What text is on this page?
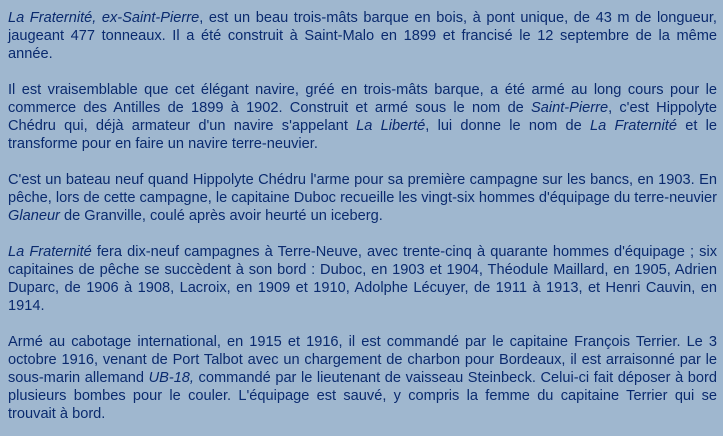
La Fraternité, ex-Saint-Pierre, est un beau trois-mâts barque en bois, à pont unique, de 43 m de longueur, jaugeant 477 tonneaux. Il a été construit à Saint-Malo en 1899 et francisé le 12 septembre de la même année.

Il est vraisemblable que cet élégant navire, gréé en trois-mâts barque, a été armé au long cours pour le commerce des Antilles de 1899 à 1902. Construit et armé sous le nom de Saint-Pierre, c'est Hippolyte Chédru qui, déjà armateur d'un navire s'appelant La Liberté, lui donne le nom de La Fraternité et le transforme pour en faire un navire terre-neuvier.

C'est un bateau neuf quand Hippolyte Chédru l'arme pour sa première campagne sur les bancs, en 1903. En pêche, lors de cette campagne, le capitaine Duboc recueille les vingt-six hommes d'équipage du terre-neuvier Glaneur de Granville, coulé après avoir heurté un iceberg.

La Fraternité fera dix-neuf campagnes à Terre-Neuve, avec trente-cinq à quarante hommes d'équipage ; six capitaines de pêche se succèdent à son bord : Duboc, en 1903 et 1904, Théodule Maillard, en 1905, Adrien Duparc, de 1906 à 1908, Lacroix, en 1909 et 1910, Adolphe Lécuyer, de 1911 à 1913, et Henri Cauvin, en 1914.

Armé au cabotage international, en 1915 et 1916, il est commandé par le capitaine François Terrier. Le 3 octobre 1916, venant de Port Talbot avec un chargement de charbon pour Bordeaux, il est arraisonné par le sous-marin allemand UB-18, commandé par le lieutenant de vaisseau Steinbeck. Celui-ci fait déposer à bord plusieurs bombes pour le couler. L'équipage est sauvé, y compris la femme du capitaine Terrier qui se trouvait à bord.
